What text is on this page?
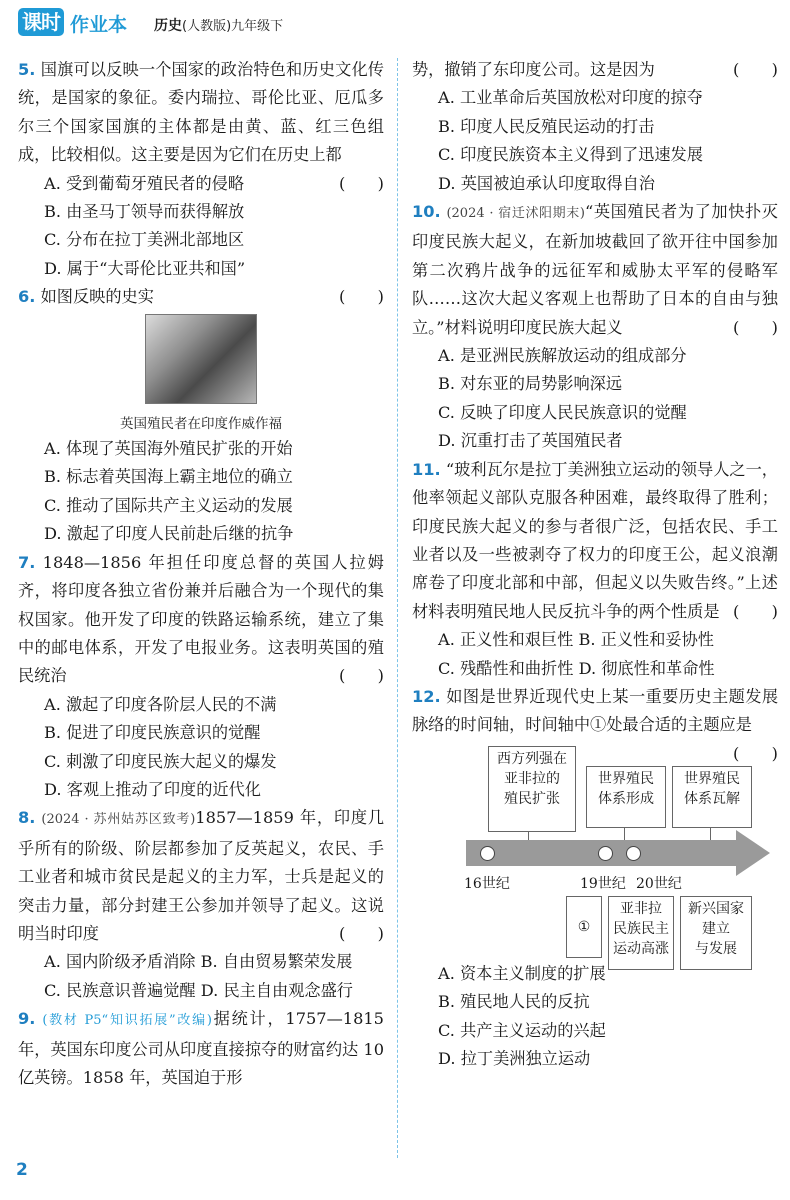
课时 作业本 历史(人教版)九年级下

5. 国旗可以反映一个国家的政治特色和历史文化传统，是国家的象征。委内瑞拉、哥伦比亚、厄瓜多尔三个国家国旗的主体都是由黄、蓝、红三色组成，比较相似。这主要是因为它们在历史上都
(　　)

A. 受到葡萄牙殖民者的侵略

B. 由圣马丁领导而获得解放

C. 分布在拉丁美洲北部地区

D. 属于“大哥伦比亚共和国”

6. 如图反映的史实	(　　)

英国殖民者在印度作威作福

A. 体现了英国海外殖民扩张的开始

B. 标志着英国海上霸主地位的确立

C. 推动了国际共产主义运动的发展

D. 激起了印度人民前赴后继的抗争

7. 1848—1856 年担任印度总督的英国人拉姆齐，将印度各独立省份兼并后融合为一个现代的集权国家。他开发了印度的铁路运输系统，建立了集中的邮电体系，开发了电报业务。这表明英国的殖民统治	(　　)

A. 激起了印度各阶层人民的不满

B. 促进了印度民族意识的觉醒

C. 刺激了印度民族大起义的爆发

D. 客观上推动了印度的近代化

8. (2024 · 苏州姑苏区致考)1857—1859 年，印度几乎所有的阶级、阶层都参加了反英起义，农民、手工业者和城市贫民是起义的主力军，士兵是起义的突击力量，部分封建王公参加并领导了起义。这说明当时印度	(　　)

A. 国内阶级矛盾消除 B. 自由贸易繁荣发展

C. 民族意识普遍觉醒 D. 民主自由观念盛行

9. (教材 P5“知识拓展”改编)据统计，1757—1815 年，英国东印度公司从印度直接掠夺的财富约达 10 亿英镑。1858 年，英国迫于形

势，撤销了东印度公司。这是因为	(　　)

A. 工业革命后英国放松对印度的掠夺

B. 印度人民反殖民运动的打击

C. 印度民族资本主义得到了迅速发展

D. 英国被迫承认印度取得自治

10. (2024 · 宿迁沭阳期末)“英国殖民者为了加快扑灭印度民族大起义，在新加坡截回了欲开往中国参加第二次鸦片战争的远征军和威胁太平军的侵略军队……这次大起义客观上也帮助了日本的自由与独立。”材料说明印度民族大起义	(　　)

A. 是亚洲民族解放运动的组成部分

B. 对东亚的局势影响深远

C. 反映了印度人民民族意识的觉醒

D. 沉重打击了英国殖民者

11. “玻利瓦尔是拉丁美洲独立运动的领导人之一，他率领起义部队克服各种困难，最终取得了胜利；印度民族大起义的参与者很广泛，包括农民、手工业者以及一些被剥夺了权力的印度王公，起义浪潮席卷了印度北部和中部，但起义以失败告终。”上述材料表明殖民地人民反抗斗争的两个性质是 (　　)

A. 正义性和艰巨性 B. 正义性和妥协性

C. 残酷性和曲折性 D. 彻底性和革命性

12. 如图是世界近现代史上某一重要历史主题发展脉络的时间轴，时间轴中①处最合适的主题应是
(　　)

西方列强在
亚非拉的
殖民扩张
世界殖民
体系形成
世界殖民
体系瓦解
16世纪	19世纪 20世纪
①
亚非拉
民族民主
运动高涨
新兴国家
建立
与发展

A. 资本主义制度的扩展

B. 殖民地人民的反抗

C. 共产主义运动的兴起

D. 拉丁美洲独立运动

2
